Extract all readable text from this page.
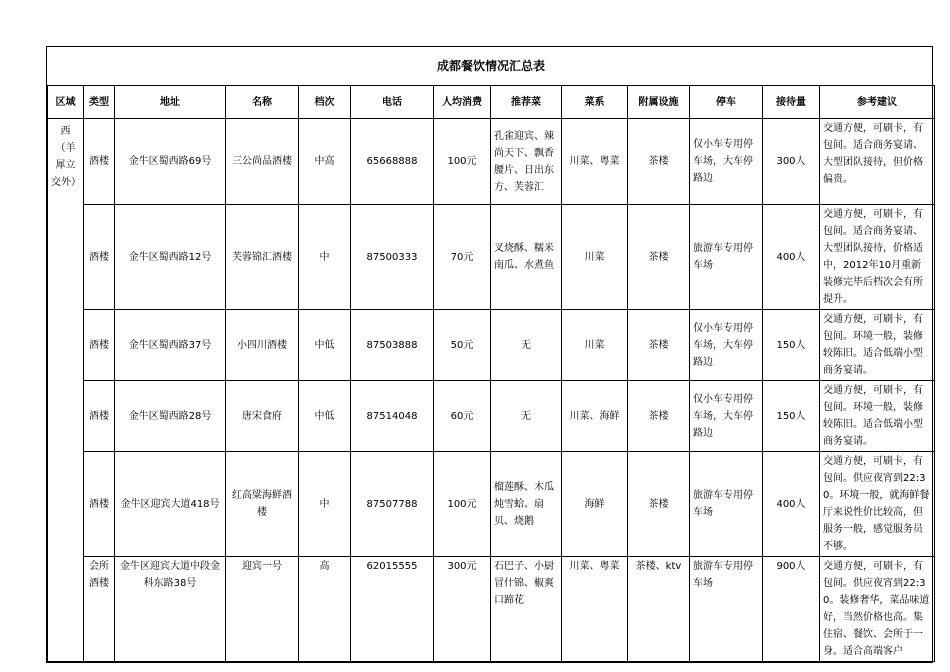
成都餐饮情况汇总表												
区域	类型	地址	名称	档次	电话	人均消费	推荐菜	菜系	附属设施	停车	接待量	参考建议
西（羊犀立交外）	酒楼	金牛区蜀西路69号	三公尚品酒楼	中高	65668888	100元	孔雀迎宾、辣尚天下、飘香腰片、日出东方、芙蓉汇	川菜、粤菜	茶楼	仅小车专用停车场，大车停路边	300人	交通方便，可刷卡，有包间。适合商务宴请、大型团队接待，但价格偏贵。
	酒楼	金牛区蜀西路12号	芙蓉锦汇酒楼	中	87500333	70元	叉烧酥、糯米南瓜、水煮鱼	川菜	茶楼	旅游车专用停车场	400人	交通方便，可刷卡，有包间。适合商务宴请、大型团队接待，价格适中，2012年10月重新装修完毕后档次会有所提升。
	酒楼	金牛区蜀西路37号	小四川酒楼	中低	87503888	50元	无	川菜	茶楼	仅小车专用停车场，大车停路边	150人	交通方便，可刷卡，有包间。环境一般，装修较陈旧。适合低端小型商务宴请。
	酒楼	金牛区蜀西路28号	唐宋食府	中低	87514048	60元	无	川菜、海鲜	茶楼	仅小车专用停车场，大车停路边	150人	交通方便，可刷卡，有包间。环境一般，装修较陈旧。适合低端小型商务宴请。
	酒楼	金牛区迎宾大道418号	红高粱海鲜酒楼	中	87507788	100元	榴莲酥、木瓜炖雪蛤、扇贝、烧鹅	海鲜	茶楼	旅游车专用停车场	400人	交通方便，可刷卡，有包间。供应夜宵到22:30。环境一般，就海鲜餐厅来说性价比较高，但服务一般，感觉服务员不够。
	会所酒楼	金牛区迎宾大道中段金科东路38号	迎宾一号	高	62015555	300元	石巴子、小厨冒什锦、椒爽口蹄花	川菜、粤菜	茶楼、ktv	旅游车专用停车场	900人	交通方便，可刷卡，有包间。供应夜宵到22:30。装修奢华，菜品味道好，当然价格也高。集住宿、餐饮、会所于一身。适合高端客户
